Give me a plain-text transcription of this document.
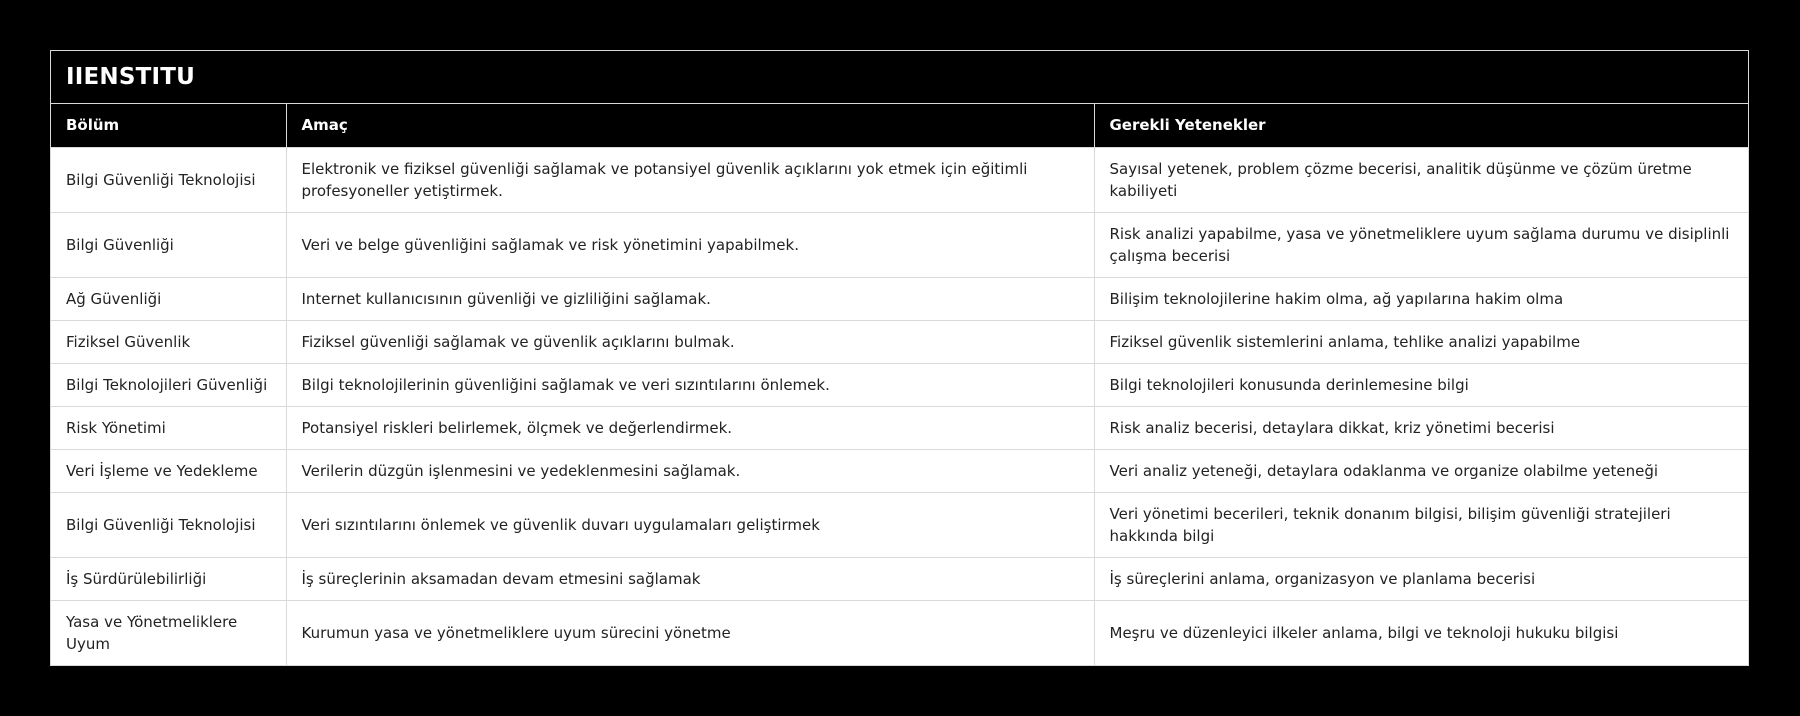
IIENSTITU
Bölüm	Amaç	Gerekli Yetenekler
Bilgi Güvenliği Teknolojisi	Elektronik ve fiziksel güvenliği sağlamak ve potansiyel güvenlik açıklarını yok etmek için eğitimli profesyoneller yetiştirmek.	Sayısal yetenek, problem çözme becerisi, analitik düşünme ve çözüm üretme kabiliyeti
Bilgi Güvenliği	Veri ve belge güvenliğini sağlamak ve risk yönetimini yapabilmek.	Risk analizi yapabilme, yasa ve yönetmeliklere uyum sağlama durumu ve disiplinli çalışma becerisi
Ağ Güvenliği	Internet kullanıcısının güvenliği ve gizliliğini sağlamak.	Bilişim teknolojilerine hakim olma, ağ yapılarına hakim olma
Fiziksel Güvenlik	Fiziksel güvenliği sağlamak ve güvenlik açıklarını bulmak.	Fiziksel güvenlik sistemlerini anlama, tehlike analizi yapabilme
Bilgi Teknolojileri Güvenliği	Bilgi teknolojilerinin güvenliğini sağlamak ve veri sızıntılarını önlemek.	Bilgi teknolojileri konusunda derinlemesine bilgi
Risk Yönetimi	Potansiyel riskleri belirlemek, ölçmek ve değerlendirmek.	Risk analiz becerisi, detaylara dikkat, kriz yönetimi becerisi
Veri İşleme ve Yedekleme	Verilerin düzgün işlenmesini ve yedeklenmesini sağlamak.	Veri analiz yeteneği, detaylara odaklanma ve organize olabilme yeteneği
Bilgi Güvenliği Teknolojisi	Veri sızıntılarını önlemek ve güvenlik duvarı uygulamaları geliştirmek	Veri yönetimi becerileri, teknik donanım bilgisi, bilişim güvenliği stratejileri hakkında bilgi
İş Sürdürülebilirliği	İş süreçlerinin aksamadan devam etmesini sağlamak	İş süreçlerini anlama, organizasyon ve planlama becerisi
Yasa ve Yönetmeliklere Uyum	Kurumun yasa ve yönetmeliklere uyum sürecini yönetme	Meşru ve düzenleyici ilkeler anlama, bilgi ve teknoloji hukuku bilgisi
